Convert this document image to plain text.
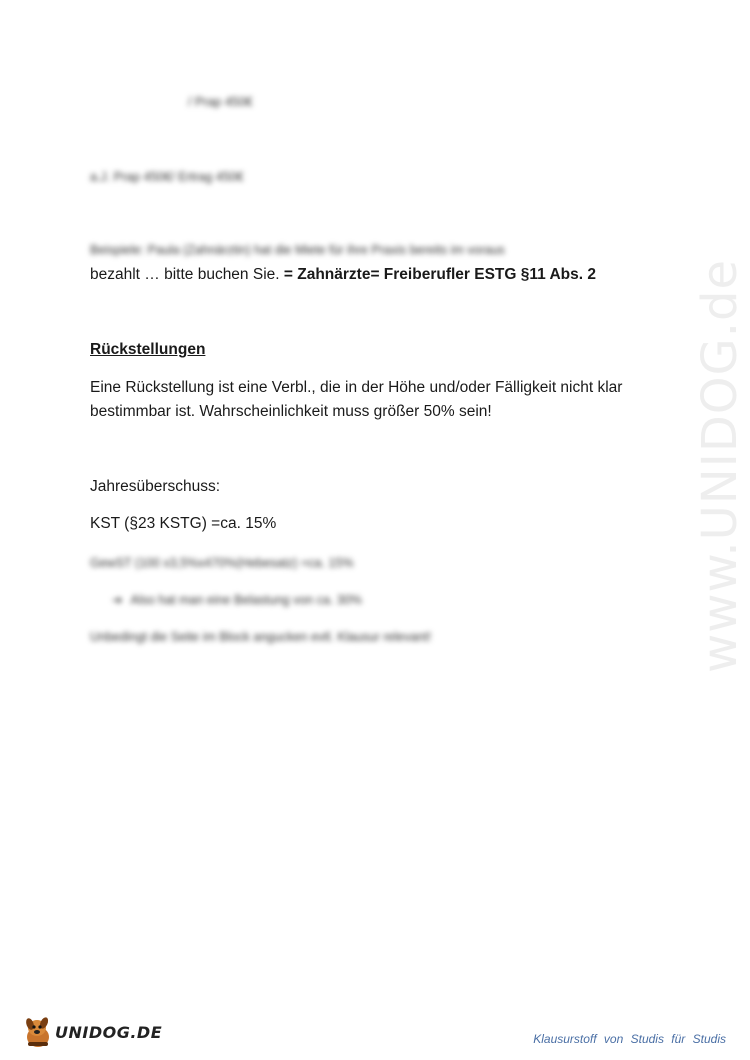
/ Prap 450€
a.J. Prap 450€/ Ertrag 450€
Beispiele: Paula (Zahnärztin) hat die Miete für ihre Praxis bereits im voraus
bezahlt … bitte buchen Sie. = Zahnärzte= Freiberufler ESTG §11 Abs. 2
Rückstellungen
Eine Rückstellung ist eine Verbl., die in der Höhe und/oder Fälligkeit nicht klar
bestimmbar ist. Wahrscheinlichkeit muss größer 50% sein!
Jahresüberschuss:
KST (§23 KSTG) =ca. 15%
GewST (100 x3,5%x470%(Hebesatz) =ca. 15%
➔ Also hat man eine Belastung von ca. 30%
Unbedingt die Seite im Block angucken evtl. Klausur relevant!	www.UNIDOG.de
UNIDOG.DE	Klausurstoff von Studis für Studis
